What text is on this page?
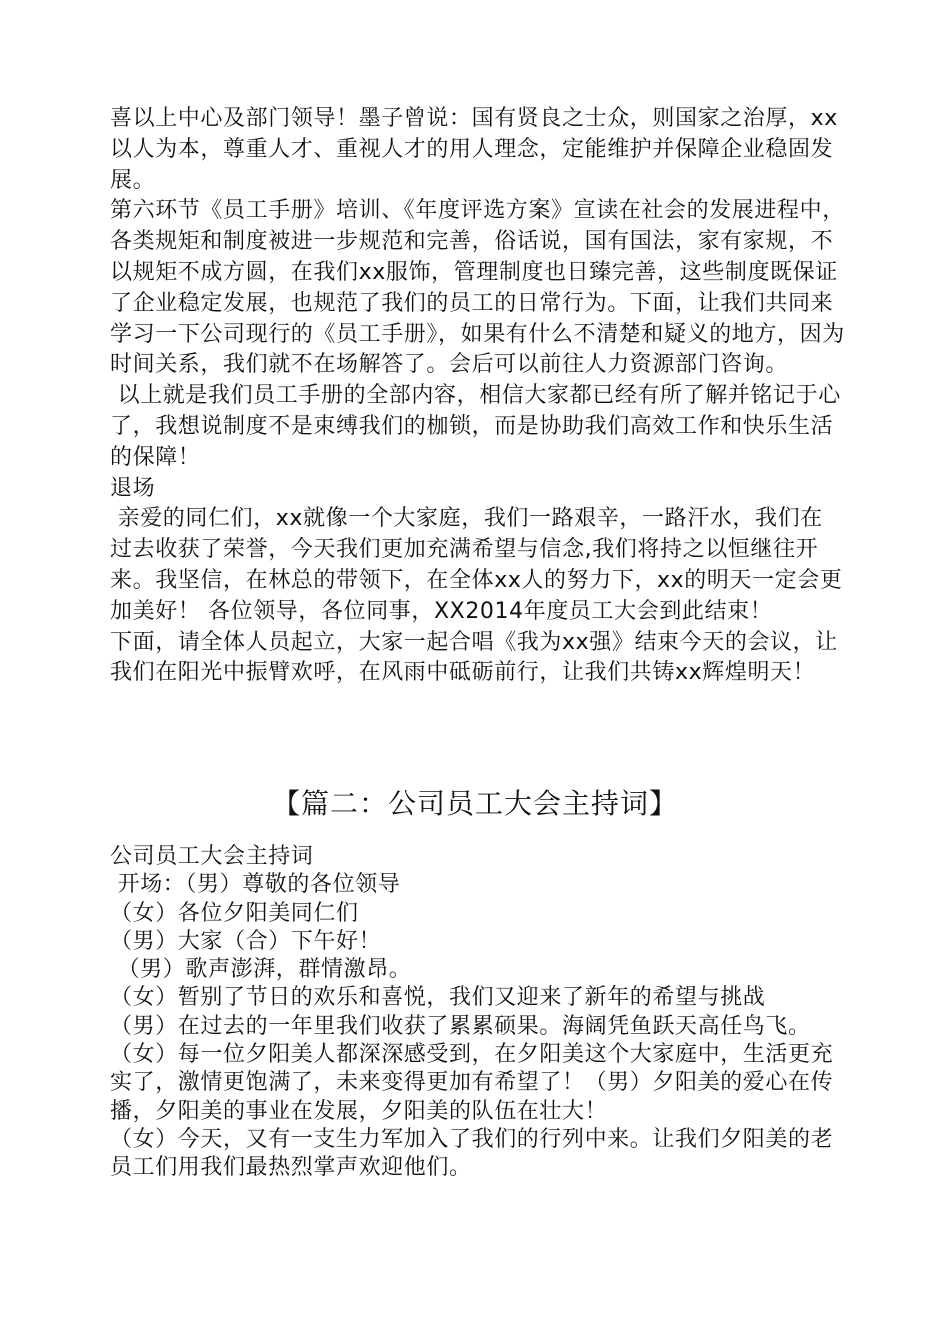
喜以上中心及部门领导！墨子曾说：国有贤良之士众，则国家之治厚，xx以人为本，尊重人才、重视人才的用人理念，定能维护并保障企业稳固发展。

第六环节《员工手册》培训、《年度评选方案》宣读在社会的发展进程中，各类规矩和制度被进一步规范和完善，俗话说，国有国法，家有家规，不以规矩不成方圆，在我们xx服饰，管理制度也日臻完善，这些制度既保证了企业稳定发展，也规范了我们的员工的日常行为。下面，让我们共同来学习一下公司现行的《员工手册》，如果有什么不清楚和疑义的地方，因为时间关系，我们就不在场解答了。会后可以前往人力资源部门咨询。

以上就是我们员工手册的全部内容，相信大家都已经有所了解并铭记于心了，我想说制度不是束缚我们的枷锁，而是协助我们高效工作和快乐生活的保障！

退场

亲爱的同仁们，xx就像一个大家庭，我们一路艰辛，一路汗水，我们在过去收获了荣誉，今天我们更加充满希望与信念,我们将持之以恒继往开来。我坚信，在林总的带领下，在全体xx人的努力下，xx的明天一定会更加美好！ 各位领导，各位同事，XX2014年度员工大会到此结束！

下面，请全体人员起立，大家一起合唱《我为xx强》结束今天的会议，让我们在阳光中振臂欢呼，在风雨中砥砺前行，让我们共铸xx辉煌明天！

【篇二：公司员工大会主持词】

公司员工大会主持词

开场：（男）尊敬的各位领导

（女）各位夕阳美同仁们

（男）大家（合）下午好！

（男）歌声澎湃，群情激昂。

（女）暂别了节日的欢乐和喜悦，我们又迎来了新年的希望与挑战

（男）在过去的一年里我们收获了累累硕果。海阔凭鱼跃天高任鸟飞。

（女）每一位夕阳美人都深深感受到，在夕阳美这个大家庭中，生活更充实了，激情更饱满了，未来变得更加有希望了！（男）夕阳美的爱心在传播，夕阳美的事业在发展，夕阳美的队伍在壮大！

（女）今天，又有一支生力军加入了我们的行列中来。让我们夕阳美的老员工们用我们最热烈掌声欢迎他们。
